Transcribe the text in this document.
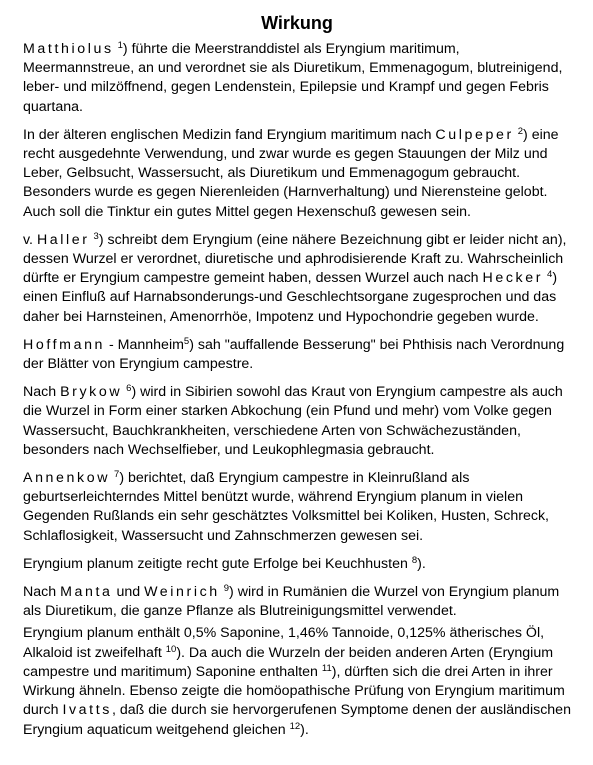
Wirkung

Matthiolus $^1$) führte die Meerstranddistel als Eryngium maritimum, Meermannstreue, an und verordnet sie als Diuretikum, Emmenagogum, blutreinigend, leber- und milzöffnend, gegen Lendenstein, Epilepsie und Krampf und gegen Febris quartana.

In der älteren englischen Medizin fand Eryngium maritimum nach Culpeper $^2$) eine recht ausgedehnte Verwendung, und zwar wurde es gegen Stauungen der Milz und Leber, Gelbsucht, Wassersucht, als Diuretikum und Emmenagogum gebraucht. Besonders wurde es gegen Nierenleiden (Harnverhaltung) und Nierensteine gelobt. Auch soll die Tinktur ein gutes Mittel gegen Hexenschuß gewesen sein.

v. Haller $^3$) schreibt dem Eryngium (eine nähere Bezeichnung gibt er leider nicht an), dessen Wurzel er verordnet, diuretische und aphrodisierende Kraft zu. Wahrscheinlich dürfte er Eryngium campestre gemeint haben, dessen Wurzel auch nach Hecker $^4$) einen Einfluß auf Harnabsonderungs-und Geschlechtsorgane zugesprochen und das daher bei Harnsteinen, Amenorrhöe, Impotenz und Hypochondrie gegeben wurde.

Hoffmann - Mannheim$^5$) sah "auffallende Besserung" bei Phthisis nach Verordnung der Blätter von Eryngium campestre.

Nach Brykow $^6$) wird in Sibirien sowohl das Kraut von Eryngium campestre als auch die Wurzel in Form einer starken Abkochung (ein Pfund und mehr) vom Volke gegen Wassersucht, Bauchkrankheiten, verschiedene Arten von Schwächezuständen, besonders nach Wechselfieber, und Leukophlegmasia gebraucht.

Annenkow $^7$) berichtet, daß Eryngium campestre in Kleinrußland als geburtserleichterndes Mittel benützt wurde, während Eryngium planum in vielen Gegenden Rußlands ein sehr geschätztes Volksmittel bei Koliken, Husten, Schreck, Schlaflosigkeit, Wassersucht und Zahnschmerzen gewesen sei.

Eryngium planum zeitigte recht gute Erfolge bei Keuchhusten $^8$).

Nach Manta und Weinrich $^9$) wird in Rumänien die Wurzel von Eryngium planum als Diuretikum, die ganze Pflanze als Blutreinigungsmittel verwendet.

Eryngium planum enthält 0,5% Saponine, 1,46% Tannoide, 0,125% ätherisches Öl, Alkaloid ist zweifelhaft $^{10}$). Da auch die Wurzeln der beiden anderen Arten (Eryngium campestre und maritimum) Saponine enthalten $^{11}$), dürften sich die drei Arten in ihrer Wirkung ähneln. Ebenso zeigte die homöopathische Prüfung von Eryngium maritimum durch Ivatts, daß die durch sie hervorgerufenen Symptome denen der ausländischen Eryngium aquaticum weitgehend gleichen $^{12}$).
